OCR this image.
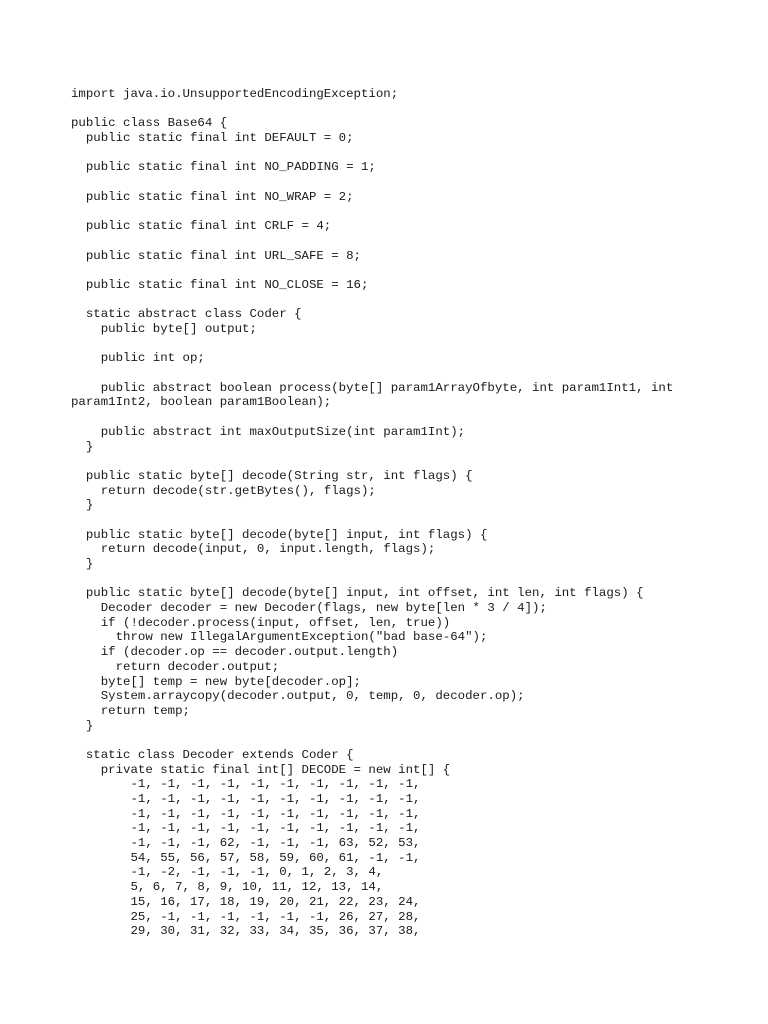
import java.io.UnsupportedEncodingException;

public class Base64 {
public static final int DEFAULT = 0;

public static final int NO_PADDING = 1;

public static final int NO_WRAP = 2;

public static final int CRLF = 4;

public static final int URL_SAFE = 8;

public static final int NO_CLOSE = 16;

static abstract class Coder {
public byte[] output;

public int op;

public abstract boolean process(byte[] param1ArrayOfbyte, int param1Int1, int
param1Int2, boolean param1Boolean);

public abstract int maxOutputSize(int param1Int);
}

public static byte[] decode(String str, int flags) {
return decode(str.getBytes(), flags);
}

public static byte[] decode(byte[] input, int flags) {
return decode(input, 0, input.length, flags);
}

public static byte[] decode(byte[] input, int offset, int len, int flags) {
Decoder decoder = new Decoder(flags, new byte[len * 3 / 4]);
if (!decoder.process(input, offset, len, true))
throw new IllegalArgumentException("bad base-64");
if (decoder.op == decoder.output.length)
return decoder.output;
byte[] temp = new byte[decoder.op];
System.arraycopy(decoder.output, 0, temp, 0, decoder.op);
return temp;
}

static class Decoder extends Coder {
private static final int[] DECODE = new int[] {
-1, -1, -1, -1, -1, -1, -1, -1, -1, -1,
-1, -1, -1, -1, -1, -1, -1, -1, -1, -1,
-1, -1, -1, -1, -1, -1, -1, -1, -1, -1,
-1, -1, -1, -1, -1, -1, -1, -1, -1, -1,
-1, -1, -1, 62, -1, -1, -1, 63, 52, 53,
54, 55, 56, 57, 58, 59, 60, 61, -1, -1,
-1, -2, -1, -1, -1, 0, 1, 2, 3, 4,
5, 6, 7, 8, 9, 10, 11, 12, 13, 14,
15, 16, 17, 18, 19, 20, 21, 22, 23, 24,
25, -1, -1, -1, -1, -1, -1, 26, 27, 28,
29, 30, 31, 32, 33, 34, 35, 36, 37, 38,
